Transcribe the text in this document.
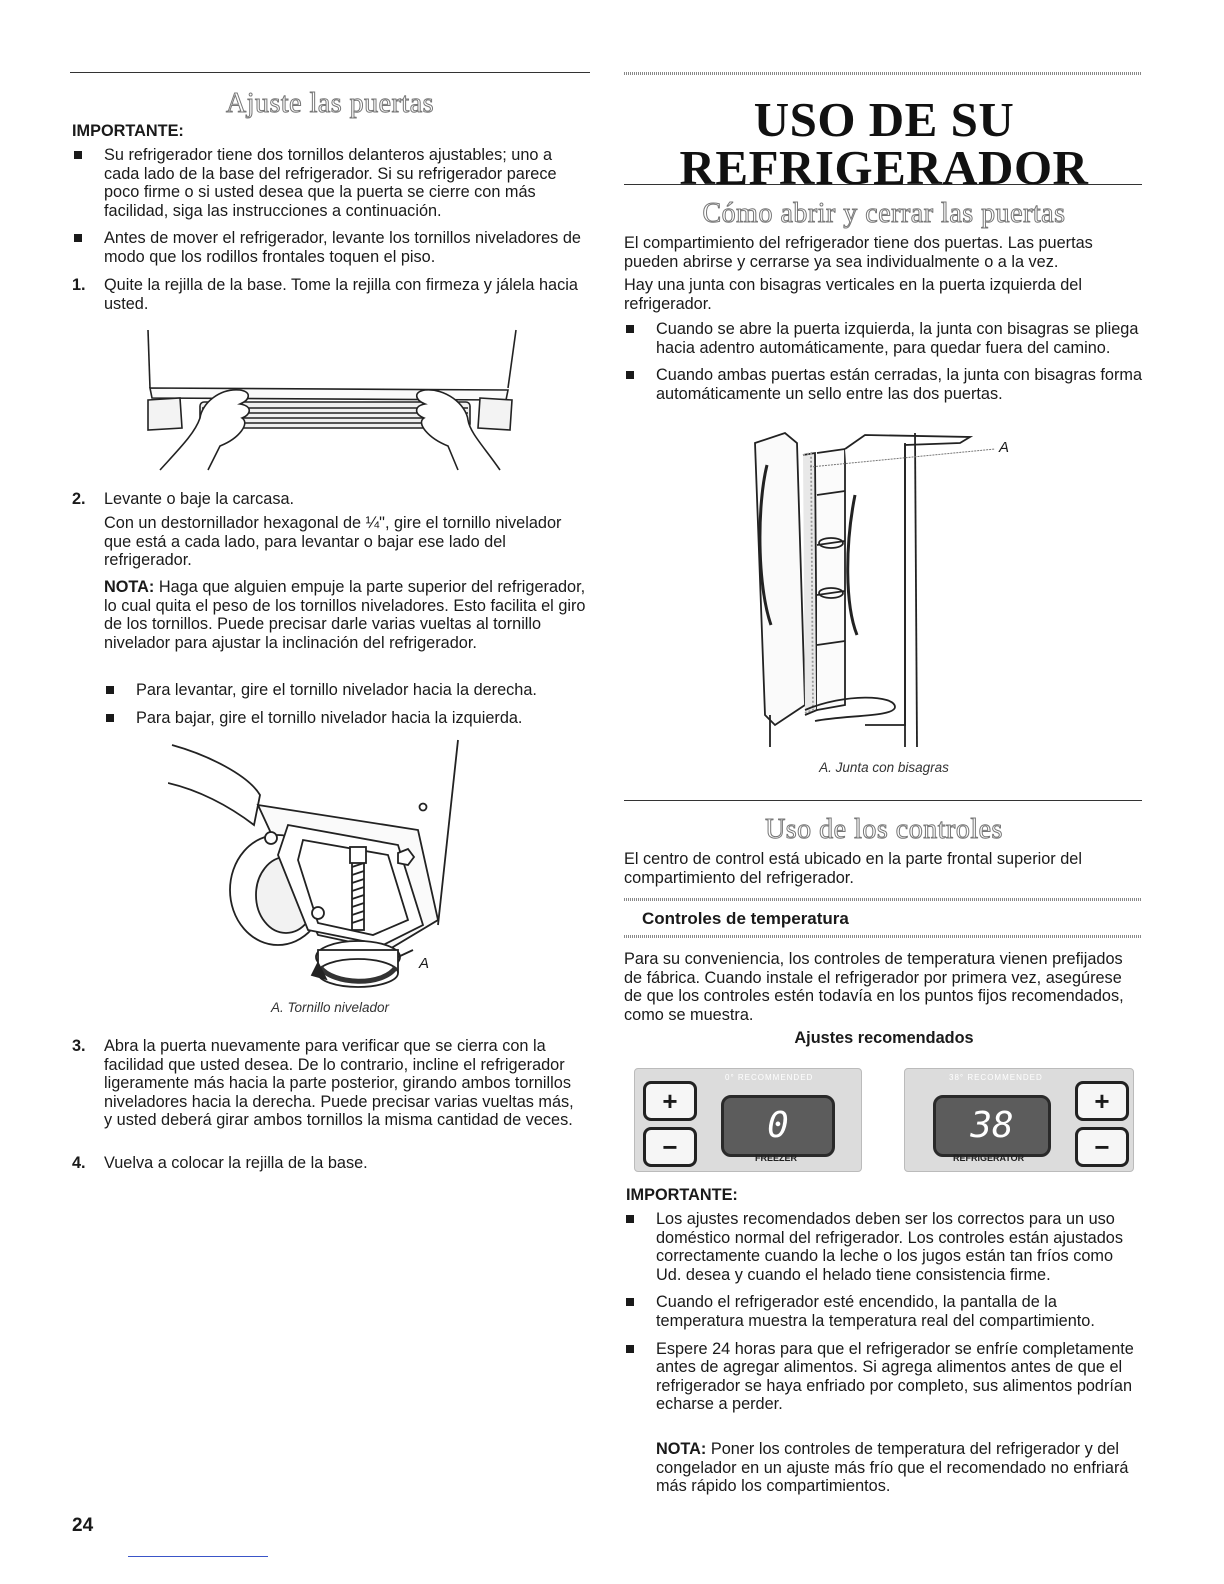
Ajuste las puertas
IMPORTANTE:
Su refrigerador tiene dos tornillos delanteros ajustables; uno a cada lado de la base del refrigerador. Si su refrigerador parece poco firme o si usted desea que la puerta se cierre con más facilidad, siga las instrucciones a continuación.
Antes de mover el refrigerador, levante los tornillos niveladores de modo que los rodillos frontales toquen el piso.
1. Quite la rejilla de la base. Tome la rejilla con firmeza y jálela hacia usted.
2. Levante o baje la carcasa.
Con un destornillador hexagonal de ¼", gire el tornillo nivelador que está a cada lado, para levantar o bajar ese lado del refrigerador.
NOTA: Haga que alguien empuje la parte superior del refrigerador, lo cual quita el peso de los tornillos niveladores. Esto facilita el giro de los tornillos. Puede precisar darle varias vueltas al tornillo nivelador para ajustar la inclinación del refrigerador.
Para levantar, gire el tornillo nivelador hacia la derecha.
Para bajar, gire el tornillo nivelador hacia la izquierda.
A
A. Tornillo nivelador
3. Abra la puerta nuevamente para verificar que se cierra con la facilidad que usted desea. De lo contrario, incline el refrigerador ligeramente más hacia la parte posterior, girando ambos tornillos niveladores hacia la derecha. Puede precisar varias vueltas más, y usted deberá girar ambos tornillos la misma cantidad de veces.
4. Vuelva a colocar la rejilla de la base.
24
USO DE SU
REFRIGERADOR
Cómo abrir y cerrar las puertas
El compartimiento del refrigerador tiene dos puertas. Las puertas pueden abrirse y cerrarse ya sea individualmente o a la vez.
Hay una junta con bisagras verticales en la puerta izquierda del refrigerador.
Cuando se abre la puerta izquierda, la junta con bisagras se pliega hacia adentro automáticamente, para quedar fuera del camino.
Cuando ambas puertas están cerradas, la junta con bisagras forma automáticamente un sello entre las dos puertas.
A
A. Junta con bisagras
Uso de los controles
El centro de control está ubicado en la parte frontal superior del compartimiento del refrigerador.
Controles de temperatura
Para su conveniencia, los controles de temperatura vienen prefijados de fábrica. Cuando instale el refrigerador por primera vez, asegúrese de que los controles estén todavía en los puntos fijos recomendados, como se muestra.
Ajustes recomendados
0° RECOMMENDED
+
−
0
FREEZER
38° RECOMMENDED
38
REFRIGERATOR
+
−
IMPORTANTE:
Los ajustes recomendados deben ser los correctos para un uso doméstico normal del refrigerador. Los controles están ajustados correctamente cuando la leche o los jugos están tan fríos como Ud. desea y cuando el helado tiene consistencia firme.
Cuando el refrigerador esté encendido, la pantalla de la temperatura muestra la temperatura real del compartimiento.
Espere 24 horas para que el refrigerador se enfríe completamente antes de agregar alimentos. Si agrega alimentos antes de que el refrigerador se haya enfriado por completo, sus alimentos podrían echarse a perder.
NOTA: Poner los controles de temperatura del refrigerador y del congelador en un ajuste más frío que el recomendado no enfriará más rápido los compartimientos.
